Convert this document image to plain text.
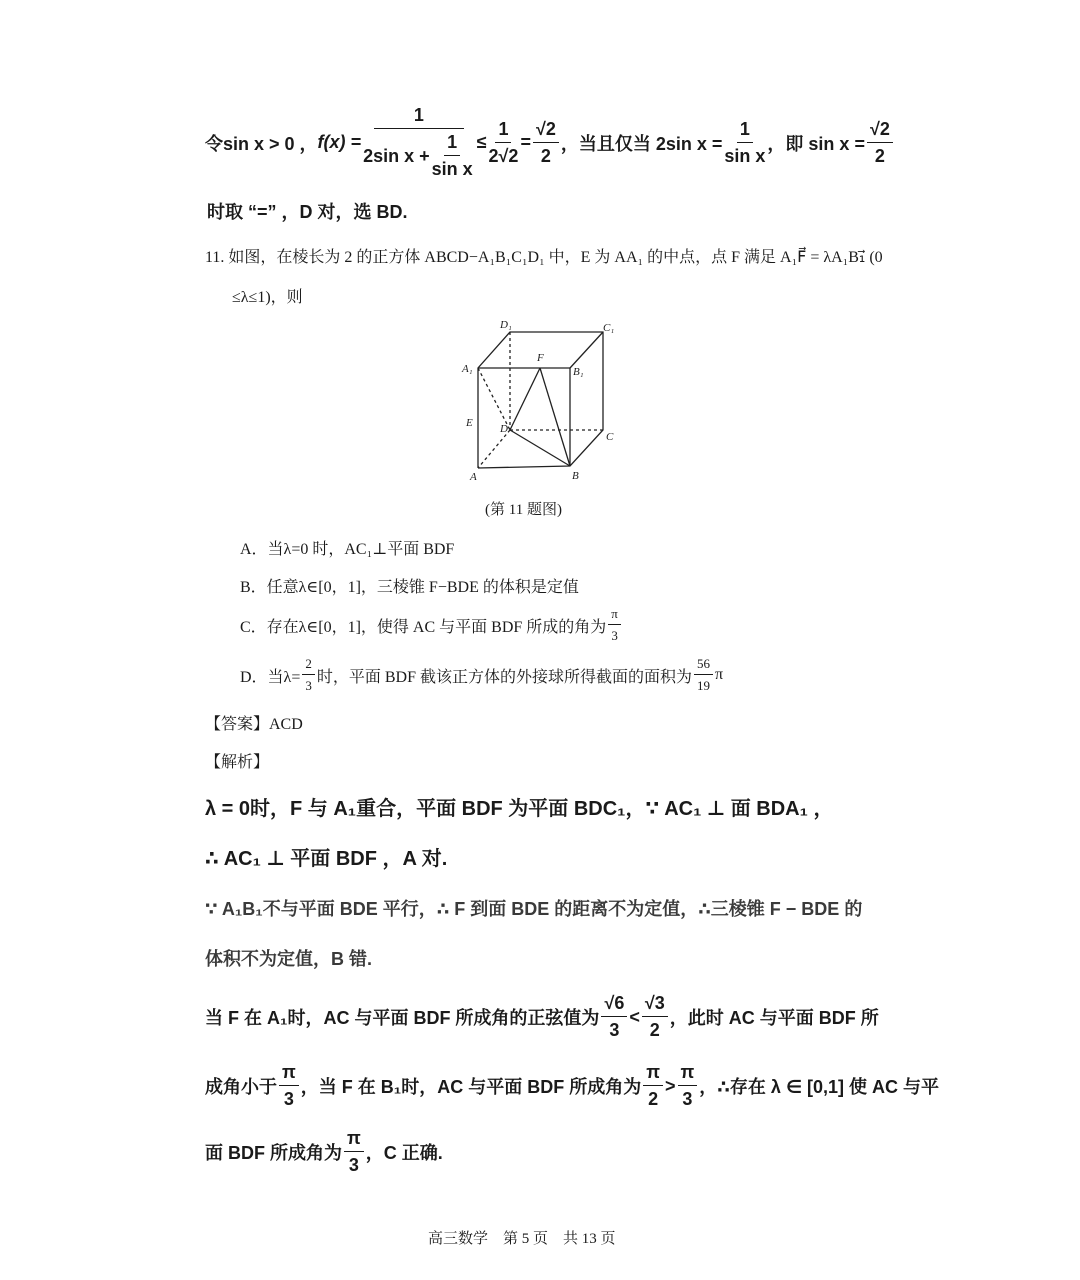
令sin x > 0 ， $f(x) = \frac{1}{2\sin x + \frac{1}{\text{sin x}}} \le \frac{1}{2√2} = \frac{√2}{2}$ ，当且仅当 2sin $x = \frac{1}{\text{sin x}}$ ，即 $\sin x = \frac{√2}{2}$
时取 “=” ，D 对，选 BD.
11. 如图，在棱长为 2 的正方体 ABCD−A₁B₁C₁D₁ 中，E 为 AA₁ 的中点，点 F 满足 A₁F⃗ = λA₁B₁⃗ (0
≤λ≤1)，则
D₁	C₁
A₁	B₁
F
E D
C
A	B
(第 11 题图)
A．当λ=0 时，AC₁⊥平面 BDF
B．任意λ∈[0，1]，三棱锥 F−BDE 的体积是定值
C．存在λ∈[0，1]，使得 AC 与平面 BDF 所成的角为 $\frac{\pi}{3}$
D．当$\lambda= \frac{2}{3}$ 时，平面 BDF 截该正方体的外接球所得截面的面积为 $\frac{56}{19}$ π
【答案】ACD
【解析】
λ = 0时，F 与 A₁重合，平面 BDF 为平面 BDC₁，∵ AC₁ ⊥ 面 BDA₁ ，
∴ AC₁ ⊥ 平面 BDF ，A 对.
∵ A₁B₁不与平面 BDE 平行，∴ F 到面 BDE 的距离不为定值，∴三棱锥 F − BDE 的
体积不为定值，B 错.
当 F 在 A₁时，AC 与平面 BDF 所成角的正弦值为 $\frac{√6}{3} < \frac{√3}{2}$ ，此时 AC 与平面 BDF 所
成角小于 $\frac{\pi}{3}$ ，当 F 在 B₁时，AC 与平面 BDF 所成角为 $\frac{\pi}{2} > \frac{\pi}{3}$ ，∴存在 λ ∈ [0,1] 使 AC 与平
面 BDF 所成角为 $\frac{\pi}{3}$ ，C 正确.
高三数学　第 5 页　共 13 页
